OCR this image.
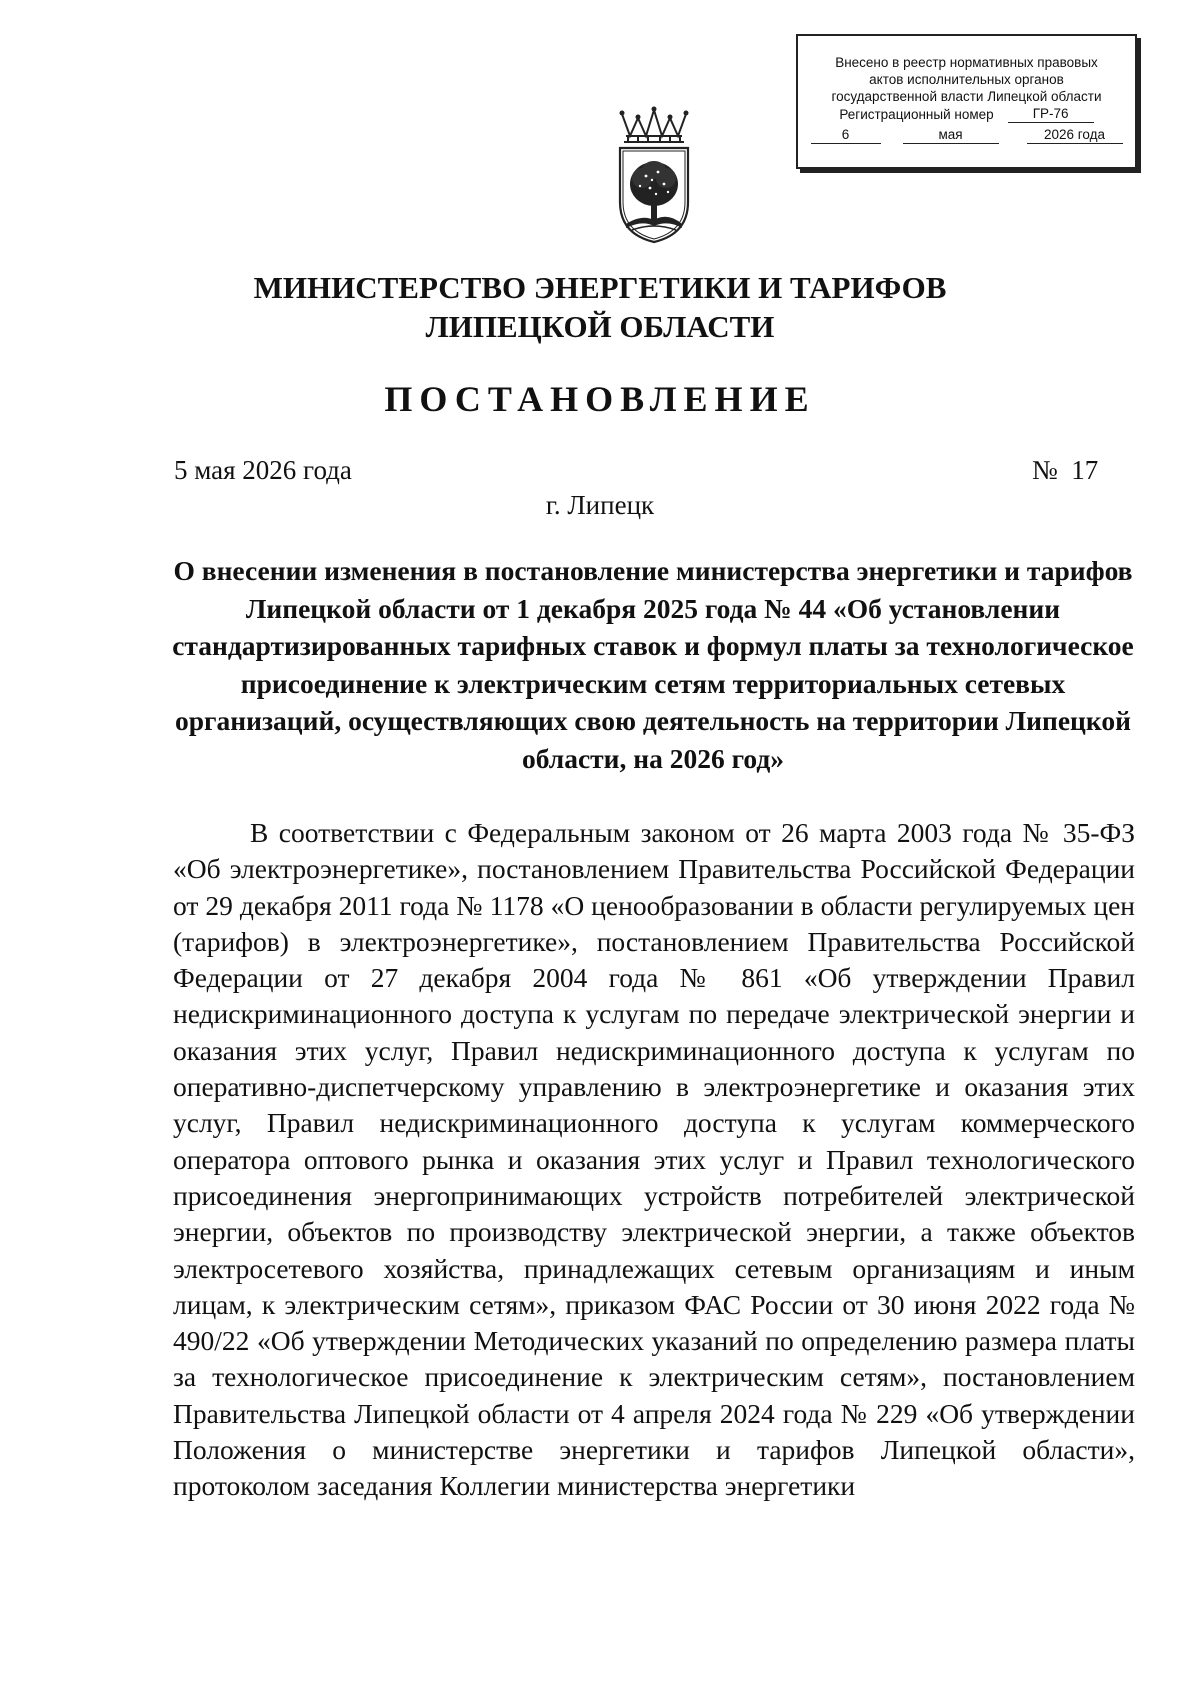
Внесено в реестр нормативных правовых
актов исполнительных органов
государственной власти Липецкой области
Регистрационный номер	ГР-76
6	мая	2026 года
МИНИСТЕРСТВО ЭНЕРГЕТИКИ И ТАРИФОВ
ЛИПЕЦКОЙ ОБЛАСТИ
ПОСТАНОВЛЕНИЕ
5 мая 2026 года	№  17
г. Липецк
О внесении изменения в постановление министерства энергетики и тарифов Липецкой области от 1 декабря 2025 года № 44 «Об установлении стандартизированных тарифных ставок и формул платы за технологическое присоединение к электрическим сетям территориальных сетевых организаций, осуществляющих свою деятельность на территории Липецкой области, на 2026 год»

В соответствии с Федеральным законом от 26 марта 2003 года № 35-ФЗ «Об электроэнергетике», постановлением Правительства Российской Федерации от 29 декабря 2011 года № 1178 «О ценообразовании в области регулируемых цен (тарифов) в электроэнергетике», постановлением Правительства Российской Федерации от 27 декабря 2004 года № 861 «Об утверждении Правил недискриминационного доступа к услугам по передаче электрической энергии и оказания этих услуг, Правил недискриминационного доступа к услугам по оперативно-диспетчерскому управлению в электроэнергетике и оказания этих услуг, Правил недискриминационного доступа к услугам коммерческого оператора оптового рынка и оказания этих услуг и Правил технологического присоединения энергопринимающих устройств потребителей электрической энергии, объектов по производству электрической энергии, а также объектов электросетевого хозяйства, принадлежащих сетевым организациям и иным лицам, к электрическим сетям», приказом ФАС России от 30 июня 2022 года № 490/22 «Об утверждении Методических указаний по определению размера платы за технологическое присоединение к электрическим сетям», постановлением Правительства Липецкой области от 4 апреля 2024 года № 229 «Об утверждении Положения о министерстве энергетики и тарифов Липецкой области», протоколом заседания Коллегии министерства энергетики
